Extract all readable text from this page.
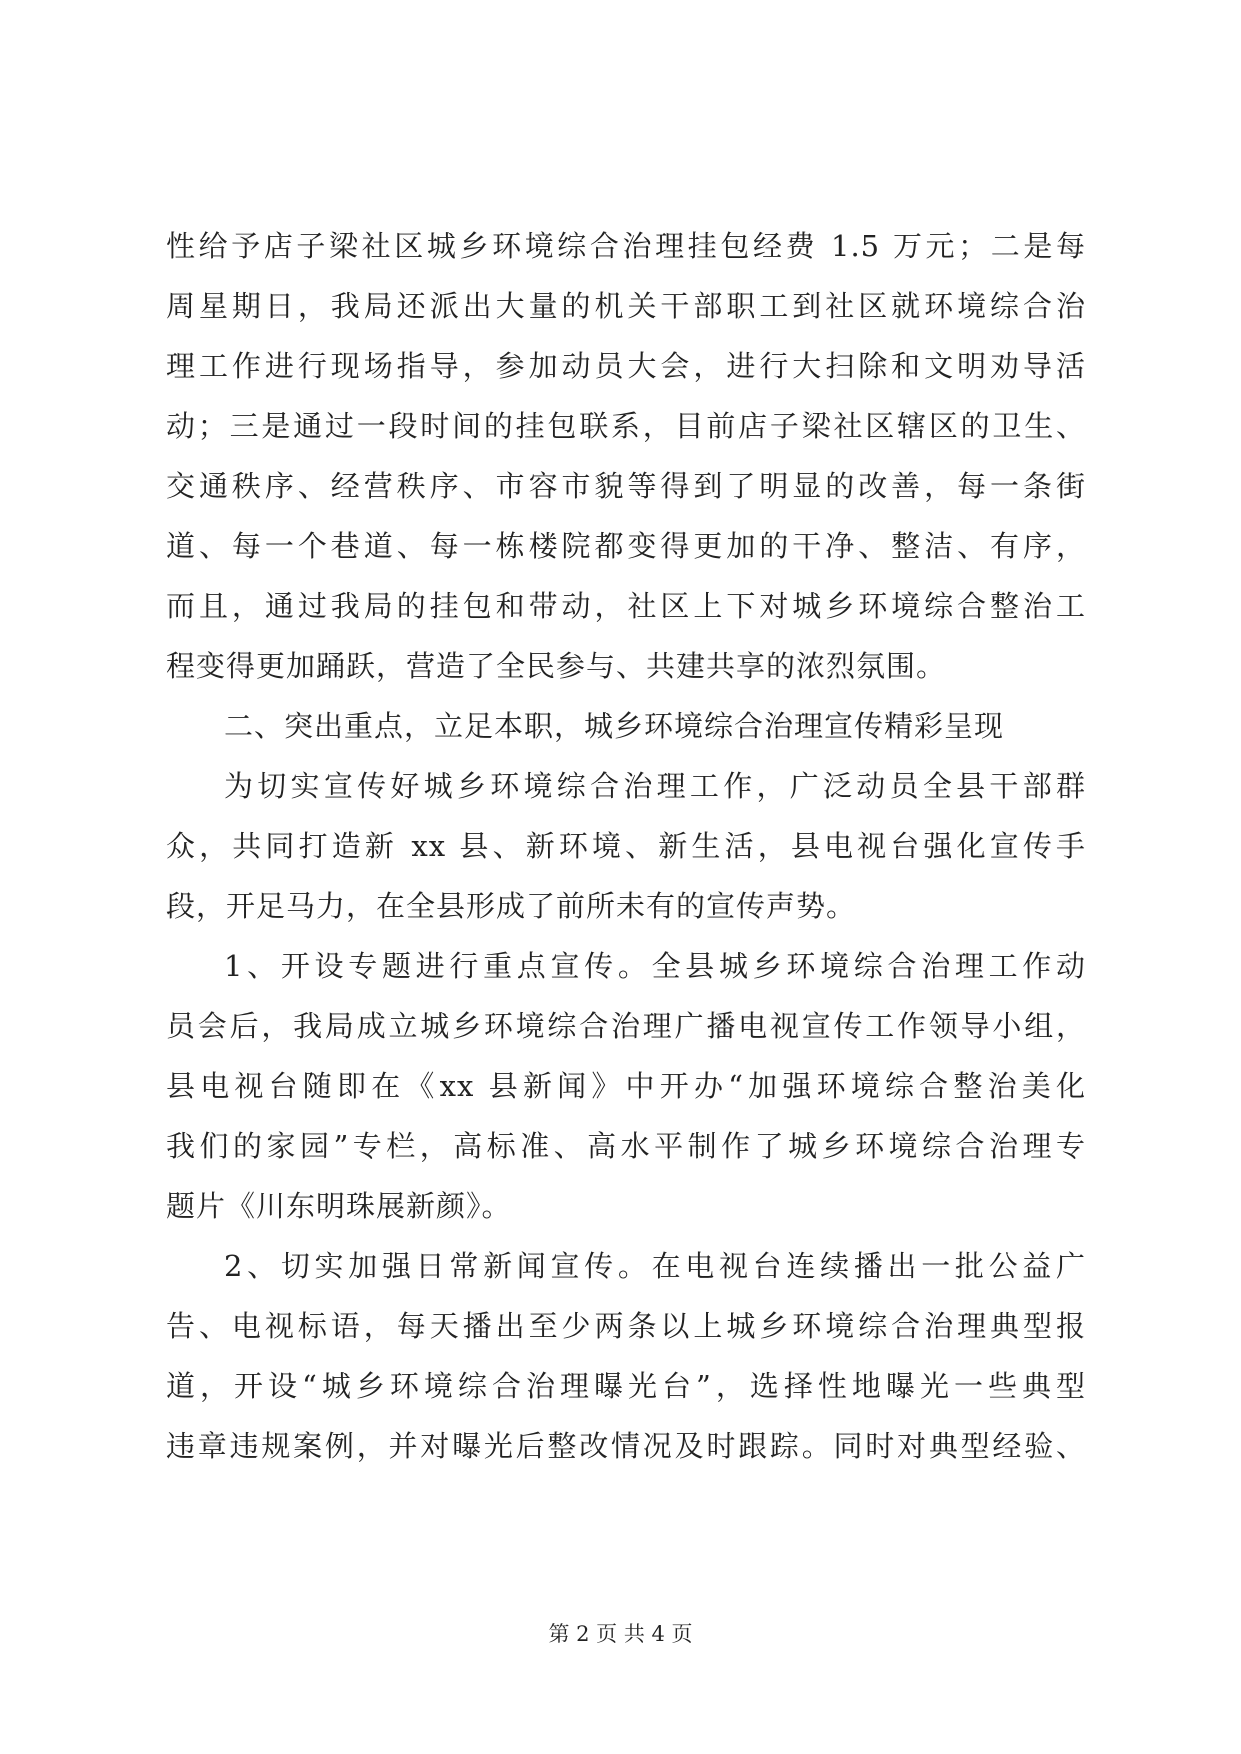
性给予店子梁社区城乡环境综合治理挂包经费 1.5 万元；二是每
周星期日，我局还派出大量的机关干部职工到社区就环境综合治
理工作进行现场指导，参加动员大会，进行大扫除和文明劝导活
动；三是通过一段时间的挂包联系，目前店子梁社区辖区的卫生、
交通秩序、经营秩序、市容市貌等得到了明显的改善，每一条街
道、每一个巷道、每一栋楼院都变得更加的干净、整洁、有序，
而且，通过我局的挂包和带动，社区上下对城乡环境综合整治工
程变得更加踊跃，营造了全民参与、共建共享的浓烈氛围。
二、突出重点，立足本职，城乡环境综合治理宣传精彩呈现
为切实宣传好城乡环境综合治理工作，广泛动员全县干部群
众，共同打造新 xx 县、新环境、新生活，县电视台强化宣传手
段，开足马力，在全县形成了前所未有的宣传声势。
1、开设专题进行重点宣传。全县城乡环境综合治理工作动
员会后，我局成立城乡环境综合治理广播电视宣传工作领导小组，
县电视台随即在《xx 县新闻》中开办“加强环境综合整治美化
我们的家园”专栏，高标准、高水平制作了城乡环境综合治理专
题片《川东明珠展新颜》。
2、切实加强日常新闻宣传。在电视台连续播出一批公益广
告、电视标语，每天播出至少两条以上城乡环境综合治理典型报
道，开设“城乡环境综合治理曝光台”，选择性地曝光一些典型
违章违规案例，并对曝光后整改情况及时跟踪。同时对典型经验、
第 2 页 共 4 页
